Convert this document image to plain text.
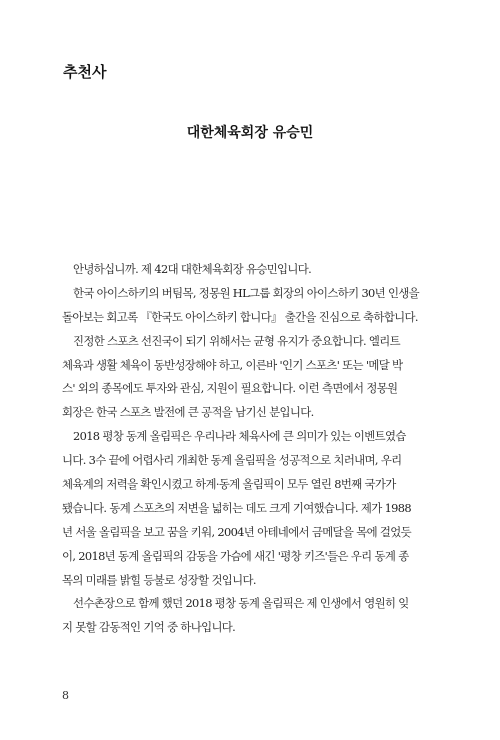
추천사
대한체육회장 유승민

안녕하십니까. 제 42대 대한체육회장 유승민입니다.

한국 아이스하키의 버팀목, 정몽원 HL그룹 회장의 아이스하키 30년 인생을

돌아보는 회고록 『한국도 아이스하키 합니다』 출간을 진심으로 축하합니다.

진정한 스포츠 선진국이 되기 위해서는 균형 유지가 중요합니다. 엘리트

체육과 생활 체육이 동반성장해야 하고, 이른바 '인기 스포츠' 또는 '메달 박

스' 외의 종목에도 투자와 관심, 지원이 필요합니다. 이런 측면에서 정몽원

회장은 한국 스포츠 발전에 큰 공적을 남기신 분입니다.

2018 평창 동계 올림픽은 우리나라 체육사에 큰 의미가 있는 이벤트였습

니다. 3수 끝에 어렵사리 개최한 동계 올림픽을 성공적으로 치러내며, 우리

체육계의 저력을 확인시켰고 하계·동계 올림픽이 모두 열린 8번째 국가가

됐습니다. 동계 스포츠의 저변을 넓히는 데도 크게 기여했습니다. 제가 1988

년 서울 올림픽을 보고 꿈을 키워, 2004년 아테네에서 금메달을 목에 걸었듯

이, 2018년 동계 올림픽의 감동을 가슴에 새긴 '평창 키즈'들은 우리 동계 종

목의 미래를 밝힐 등불로 성장할 것입니다.

선수촌장으로 함께 했던 2018 평창 동계 올림픽은 제 인생에서 영원히 잊

지 못할 감동적인 기억 중 하나입니다.

8
